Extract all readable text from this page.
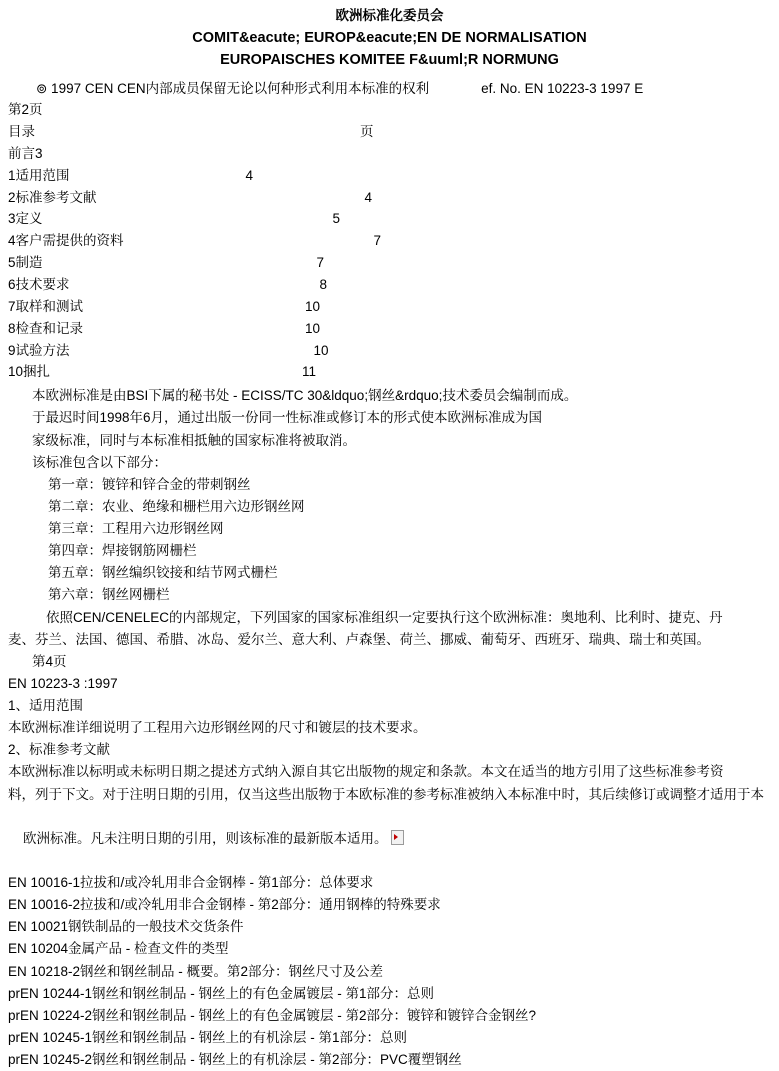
欧洲标准化委员会
COMIT&eacute; EUROP&eacute;EN DE NORMALISATION
EUROPAISCHES KOMITEE F&uuml;R NORMUNG
⊚ 1997 CEN CEN内部成员保留无论以何种形式利用本标准的权利	ef. No. EN 10223-3 1997 E
第2页
目录	页
前言3
1适用范围	4
2标准参考文献	4
3定义	5
4客户需提供的资料	7
5制造	7
6技术要求	8
7取样和测试	10
8检查和记录	10
9试验方法	10
10捆扎	11
本欧洲标准是由BSI下属的秘书处 - ECISS/TC 30&ldquo;钢丝&rdquo;技术委员会编制而成。
于最迟时间1998年6月，通过出版一份同一性标准或修订本的形式使本欧洲标准成为国
家级标准，同时与本标准相抵触的国家标准将被取消。
该标准包含以下部分：
第一章：镀锌和锌合金的带刺钢丝
第二章：农业、绝缘和栅栏用六边形钢丝网
第三章：工程用六边形钢丝网
第四章：焊接钢筋网栅栏
第五章：钢丝编织铰接和结节网式栅栏
第六章：钢丝网栅栏
依照CEN/CENELEC的内部规定，下列国家的国家标准组织一定要执行这个欧洲标准：奥地利、比利时、捷克、丹
麦、芬兰、法国、德国、希腊、冰岛、爱尔兰、意大利、卢森堡、荷兰、挪威、葡萄牙、西班牙、瑞典、瑞士和英国。
第4页
EN 10223-3 :1997
1、适用范围
本欧洲标准详细说明了工程用六边形钢丝网的尺寸和镀层的技术要求。
2、标准参考文献
本欧洲标准以标明或未标明日期之提述方式纳入源自其它出版物的规定和条款。本文在适当的地方引用了这些标准参考资
料，列于下文。对于注明日期的引用，仅当这些出版物于本欧标准的参考标准被纳入本标准中时，其后续修订或调整才适用于本

欧洲标准。凡未注明日期的引用，则该标准的最新版本适用。

EN 10016-1拉拔和/或冷轧用非合金钢棒 - 第1部分：总体要求
EN 10016-2拉拔和/或冷轧用非合金钢棒 - 第2部分：通用钢棒的特殊要求
EN 10021钢铁制品的一般技术交货条件
EN 10204金属产品 - 检查文件的类型
EN 10218-2钢丝和钢丝制品 - 概要。第2部分：钢丝尺寸及公差
prEN 10244-1钢丝和钢丝制品 - 钢丝上的有色金属镀层 - 第1部分：总则
prEN 10224-2钢丝和钢丝制品 - 钢丝上的有色金属镀层 - 第2部分：镀锌和镀锌合金钢丝?
prEN 10245-1钢丝和钢丝制品 - 钢丝上的有机涂层 - 第1部分：总则
prEN 10245-2钢丝和钢丝制品 - 钢丝上的有机涂层 - 第2部分：PVC覆塑钢丝
